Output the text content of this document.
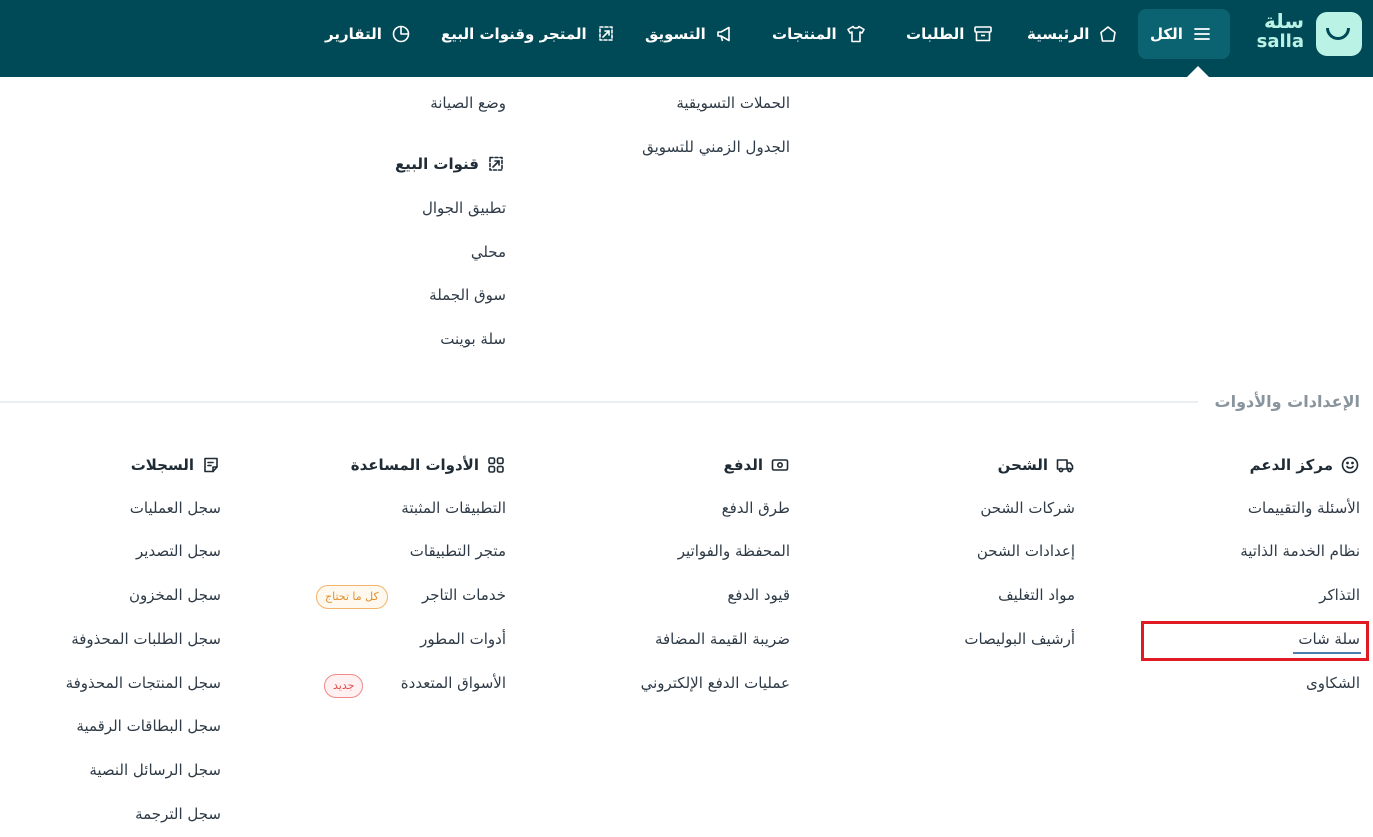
سلة
salla
الكل
الرئيسية
الطلبات
المنتجات
التسويق
المتجر وقنوات البيع
التقارير
الحملات التسويقية
الجدول الزمني للتسويق
وضع الصيانة
قنوات البيع
تطبيق الجوال
محلي
سوق الجملة
سلة بوينت
الإعدادات والأدوات
مركز الدعم
الأسئلة والتقييمات
نظام الخدمة الذاتية
التذاكر
سلة شات
الشكاوى
الشحن
شركات الشحن
إعدادات الشحن
مواد التغليف
أرشيف البوليصات
الدفع
طرق الدفع
المحفظة والفواتير
قيود الدفع
ضريبة القيمة المضافة
عمليات الدفع الإلكتروني
الأدوات المساعدة
التطبيقات المثبتة
متجر التطبيقات
خدمات التاجر
كل ما تحتاج
أدوات المطور
الأسواق المتعددة
جديد
السجلات
سجل العمليات
سجل التصدير
سجل المخزون
سجل الطلبات المحذوفة
سجل المنتجات المحذوفة
سجل البطاقات الرقمية
سجل الرسائل النصية
سجل الترجمة
